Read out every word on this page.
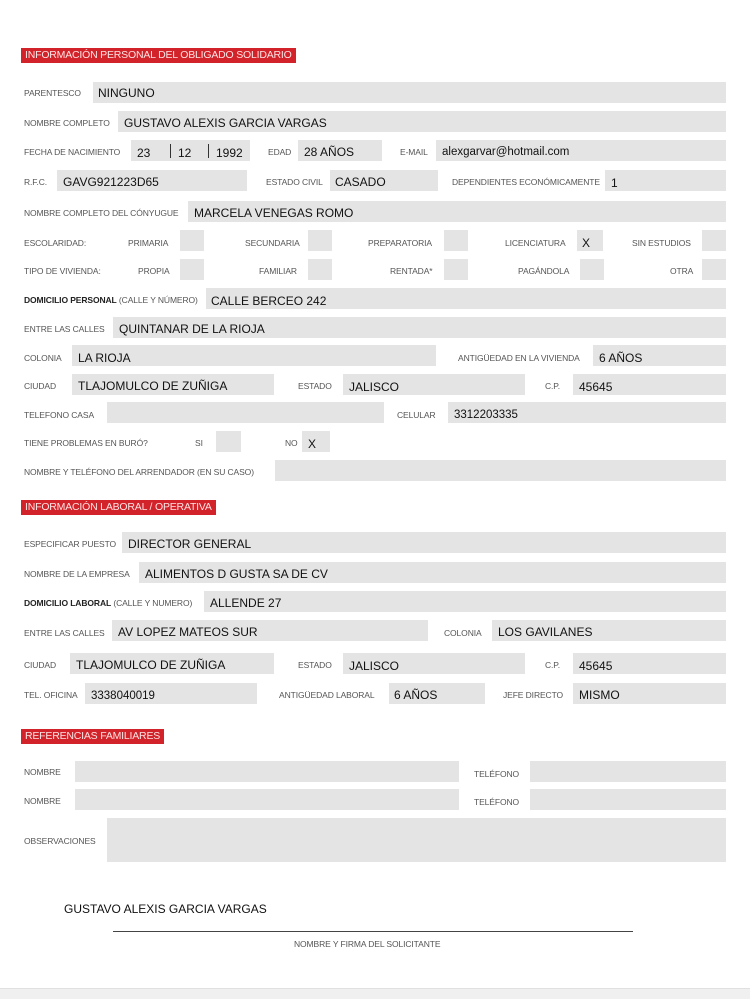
INFORMACIÓN PERSONAL DEL OBLIGADO SOLIDARIO
PARENTESCO NINGUNO
NOMBRE COMPLETO GUSTAVO ALEXIS GARCIA VARGAS
FECHA DE NACIMIENTO 23 12 1992	EDAD 28 AÑOS	E-MAIL alexgarvar@hotmail.com
R.F.C. GAVG921223D65	ESTADO CIVIL CASADO	DEPENDIENTES ECONÓMICAMENTE 1
NOMBRE COMPLETO DEL CÓNYUGUE MARCELA VENEGAS ROMO
ESCOLARIDAD:	PRIMARIA	SECUNDARIA	PREPARATORIA	LICENCIATURA X	SIN ESTUDIOS
TIPO DE VIVIENDA:	PROPIA	FAMILIAR	RENTADA*	PAGÁNDOLA	OTRA
DOMICILIO PERSONAL (CALLE Y NÚMERO) CALLE BERCEO 242
ENTRE LAS CALLES QUINTANAR DE LA RIOJA
COLONIA LA RIOJA	ANTIGÜEDAD EN LA VIVIENDA 6 AÑOS
CIUDAD TLAJOMULCO DE ZUÑIGA	ESTADO JALISCO	C.P. 45645
TELEFONO CASA	CELULAR 3312203335
TIENE PROBLEMAS EN BURÓ?	SI	NO X
NOMBRE Y TELÉFONO DEL ARRENDADOR (EN SU CASO)
INFORMACIÓN LABORAL / OPERATIVA
ESPECIFICAR PUESTO DIRECTOR GENERAL
NOMBRE DE LA EMPRESA ALIMENTOS D GUSTA SA DE CV
DOMICILIO LABORAL (CALLE Y NUMERO) ALLENDE 27
ENTRE LAS CALLES AV LOPEZ MATEOS SUR	COLONIA LOS GAVILANES
CIUDAD TLAJOMULCO DE ZUÑIGA	ESTADO JALISCO	C.P. 45645
TEL. OFICINA 3338040019	ANTIGÜEDAD LABORAL 6 AÑOS	JEFE DIRECTO MISMO
REFERENCIAS FAMILIARES
NOMBRE	TELÉFONO
NOMBRE	TELÉFONO
OBSERVACIONES
GUSTAVO ALEXIS GARCIA VARGAS
NOMBRE Y FIRMA DEL SOLICITANTE
